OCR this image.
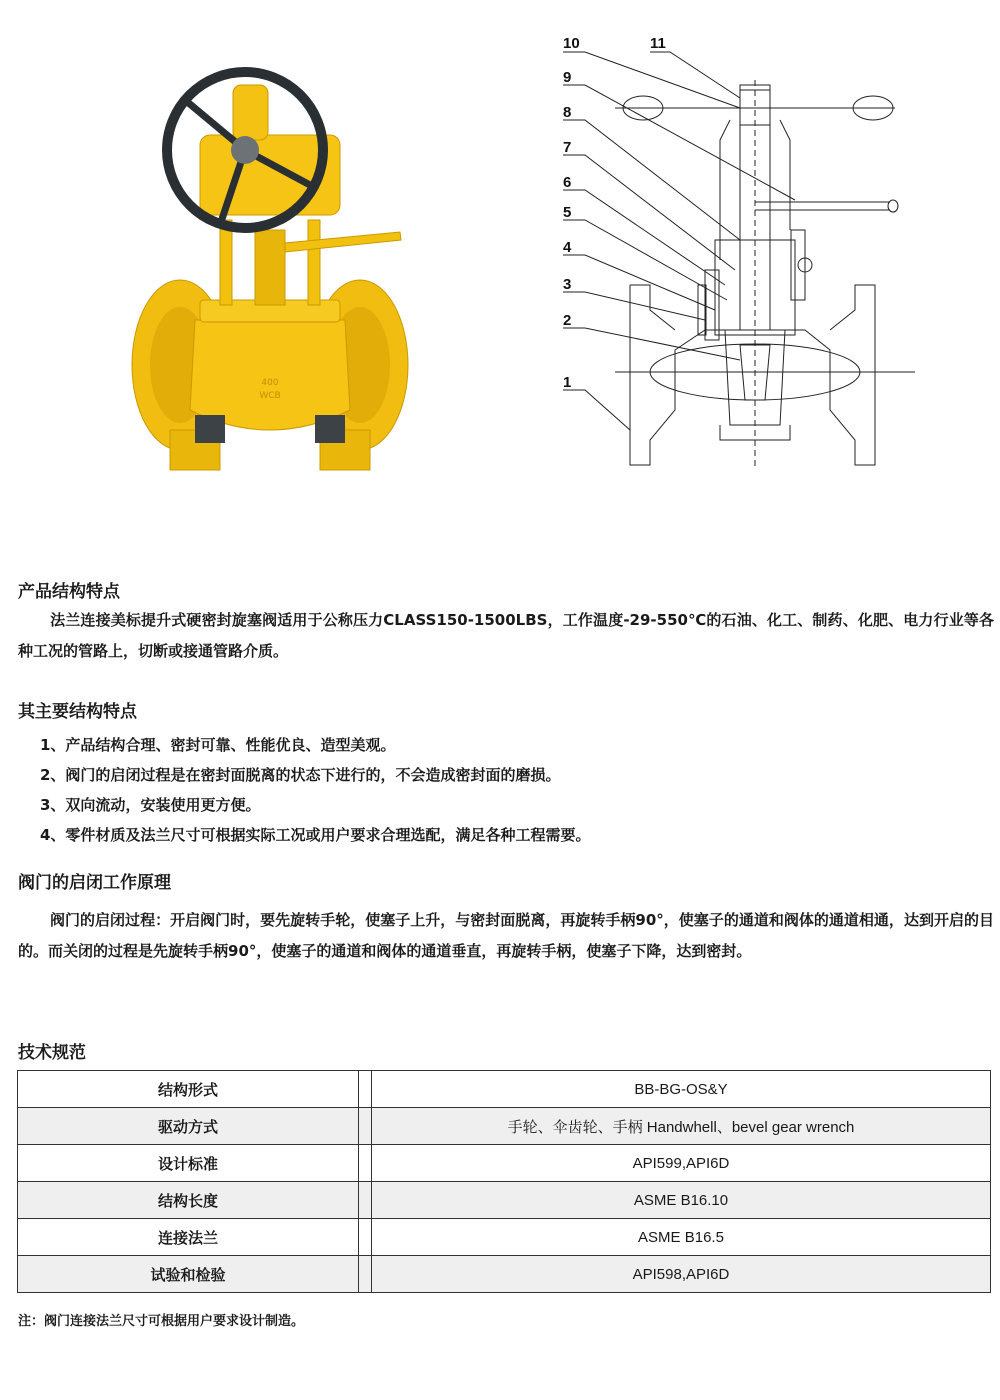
400
WCB
10	11
9
8
7
6
5
4
3
2
1
产品结构特点

法兰连接美标提升式硬密封旋塞阀适用于公称压力CLASS150-1500LBS，工作温度-29-550℃的石油、化工、制药、化肥、电力行业等各种工况的管路上，切断或接通管路介质。

其主要结构特点
1、产品结构合理、密封可靠、性能优良、造型美观。
2、阀门的启闭过程是在密封面脱离的状态下进行的，不会造成密封面的磨损。
3、双向流动，安装使用更方便。
4、零件材质及法兰尺寸可根据实际工况或用户要求合理选配，满足各种工程需要。
阀门的启闭工作原理

阀门的启闭过程：开启阀门时，要先旋转手轮，使塞子上升，与密封面脱离，再旋转手柄90°，使塞子的通道和阀体的通道相通，达到开启的目的。而关闭的过程是先旋转手柄90°，使塞子的通道和阀体的通道垂直，再旋转手柄，使塞子下降，达到密封。

技术规范
结构形式		BB-BG-OS&Y
驱动方式		手轮、伞齿轮、手柄 Handwhell、bevel gear wrench
设计标准		API599,API6D
结构长度		ASME B16.10
连接法兰		ASME B16.5
试验和检验		API598,API6D

注：阀门连接法兰尺寸可根据用户要求设计制造。
